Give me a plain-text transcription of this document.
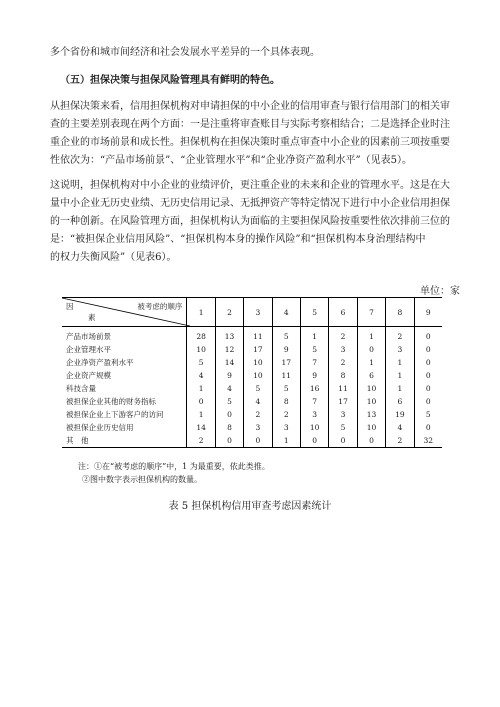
多个省份和城市间经济和社会发展水平差异的一个具体表现。
（五）担保决策与担保风险管理具有鲜明的特色。
从担保决策来看，信用担保机构对申请担保的中小企业的信用审查与银行信用部门的相关审
查的主要差别表现在两个方面：一是注重将审查账目与实际考察相结合；二是选择企业时注
重企业的市场前景和成长性。担保机构在担保决策时重点审查中小企业的因素前三项按重要
性依次为：“产品市场前景”、“企业管理水平”和“企业净资产盈利水平”（见表5）。
这说明，担保机构对中小企业的业绩评价，更注重企业的未来和企业的管理水平。这是在大
量中小企业无历史业绩、无历史信用记录、无抵押资产等特定情况下进行中小企业信用担保
的一种创新。在风险管理方面，担保机构认为面临的主要担保风险按重要性依次排前三位的
是：“被担保企业信用风险”、“担保机构本身的操作风险”和“担保机构本身治理结构中
的权力失衡风险”（见表6）。
单位：家
被考虑的顺序
因
素	1	2	3	4	5	6	7	8	9
产品市场前景	28	13	11	5	1	2	1	2	0
企业管理水平	10	12	17	9	5	3	0	3	0
企业净资产盈利水平	5	14	10	17	7	2	1	1	0
企业资产规模	4	9	10	11	9	8	6	1	0
科技含量	1	4	5	5	16	11	10	1	0
被担保企业其他的财务指标	0	5	4	8	7	17	10	6	0
被担保企业上下游客户的访问	1	0	2	2	3	3	13	19	5
被担保企业历史信用	14	8	3	3	10	5	10	4	0
其　他	2	0	0	1	0	0	0	2	32
注：①在“被考虑的顺序”中，1 为最重要，依此类推。
②图中数字表示担保机构的数量。
表 5 担保机构信用审查考虑因素统计
